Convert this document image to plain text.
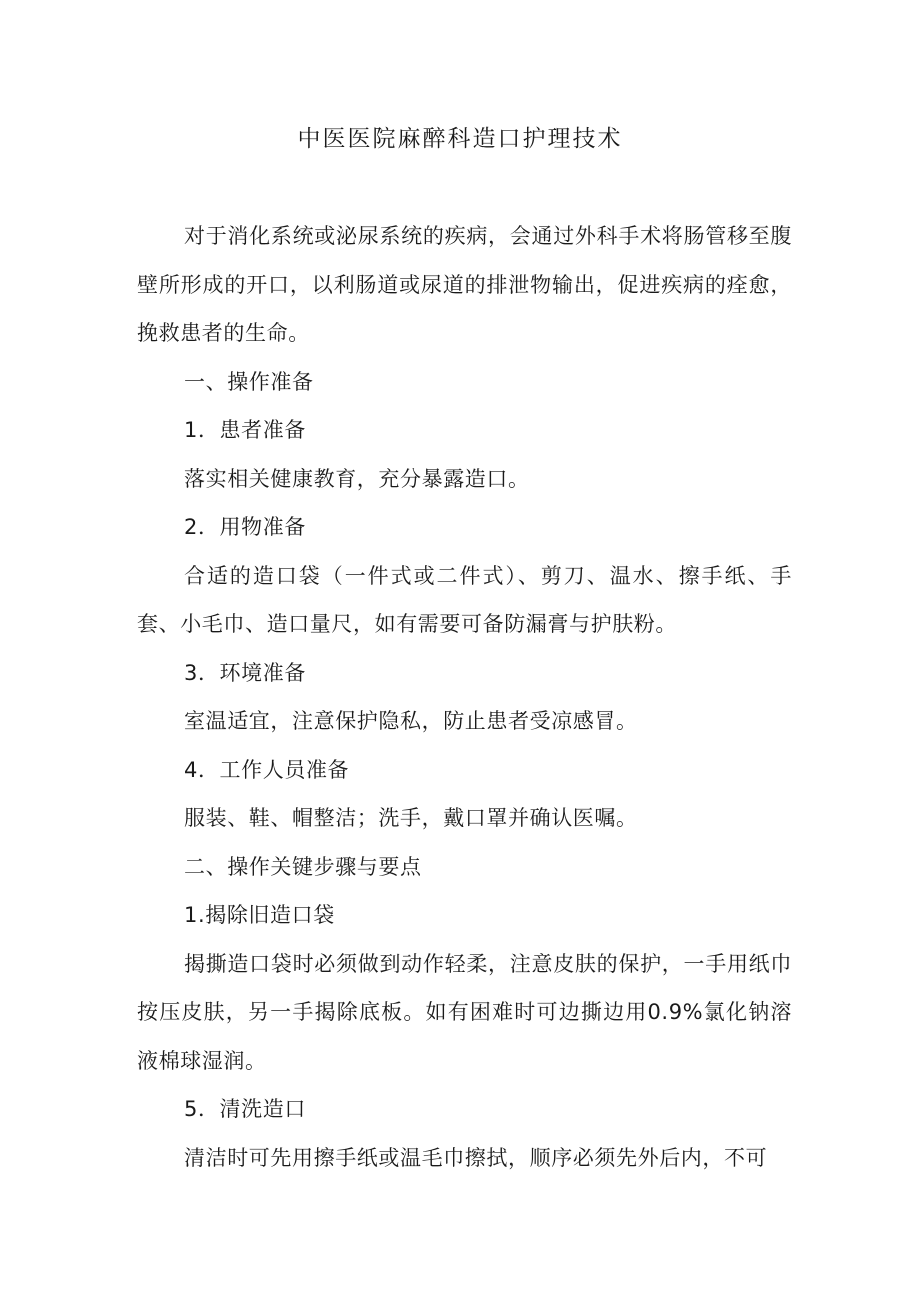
中医医院麻醉科造口护理技术

对于消化系统或泌尿系统的疾病，会通过外科手术将肠管移至腹壁所形成的开口，以利肠道或尿道的排泄物输出，促进疾病的痊愈，挽救患者的生命。

一、操作准备

1．患者准备

落实相关健康教育，充分暴露造口。

2．用物准备

合适的造口袋（一件式或二件式）、剪刀、温水、擦手纸、手套、小毛巾、造口量尺，如有需要可备防漏膏与护肤粉。

3．环境准备

室温适宜，注意保护隐私，防止患者受凉感冒。

4．工作人员准备

服装、鞋、帽整洁；洗手，戴口罩并确认医嘱。

二、操作关键步骤与要点

1.揭除旧造口袋

揭撕造口袋时必须做到动作轻柔，注意皮肤的保护，一手用纸巾按压皮肤，另一手揭除底板。如有困难时可边撕边用0.9%氯化钠溶液棉球湿润。

5．清洗造口

清洁时可先用擦手纸或温毛巾擦拭，顺序必须先外后内，不可
